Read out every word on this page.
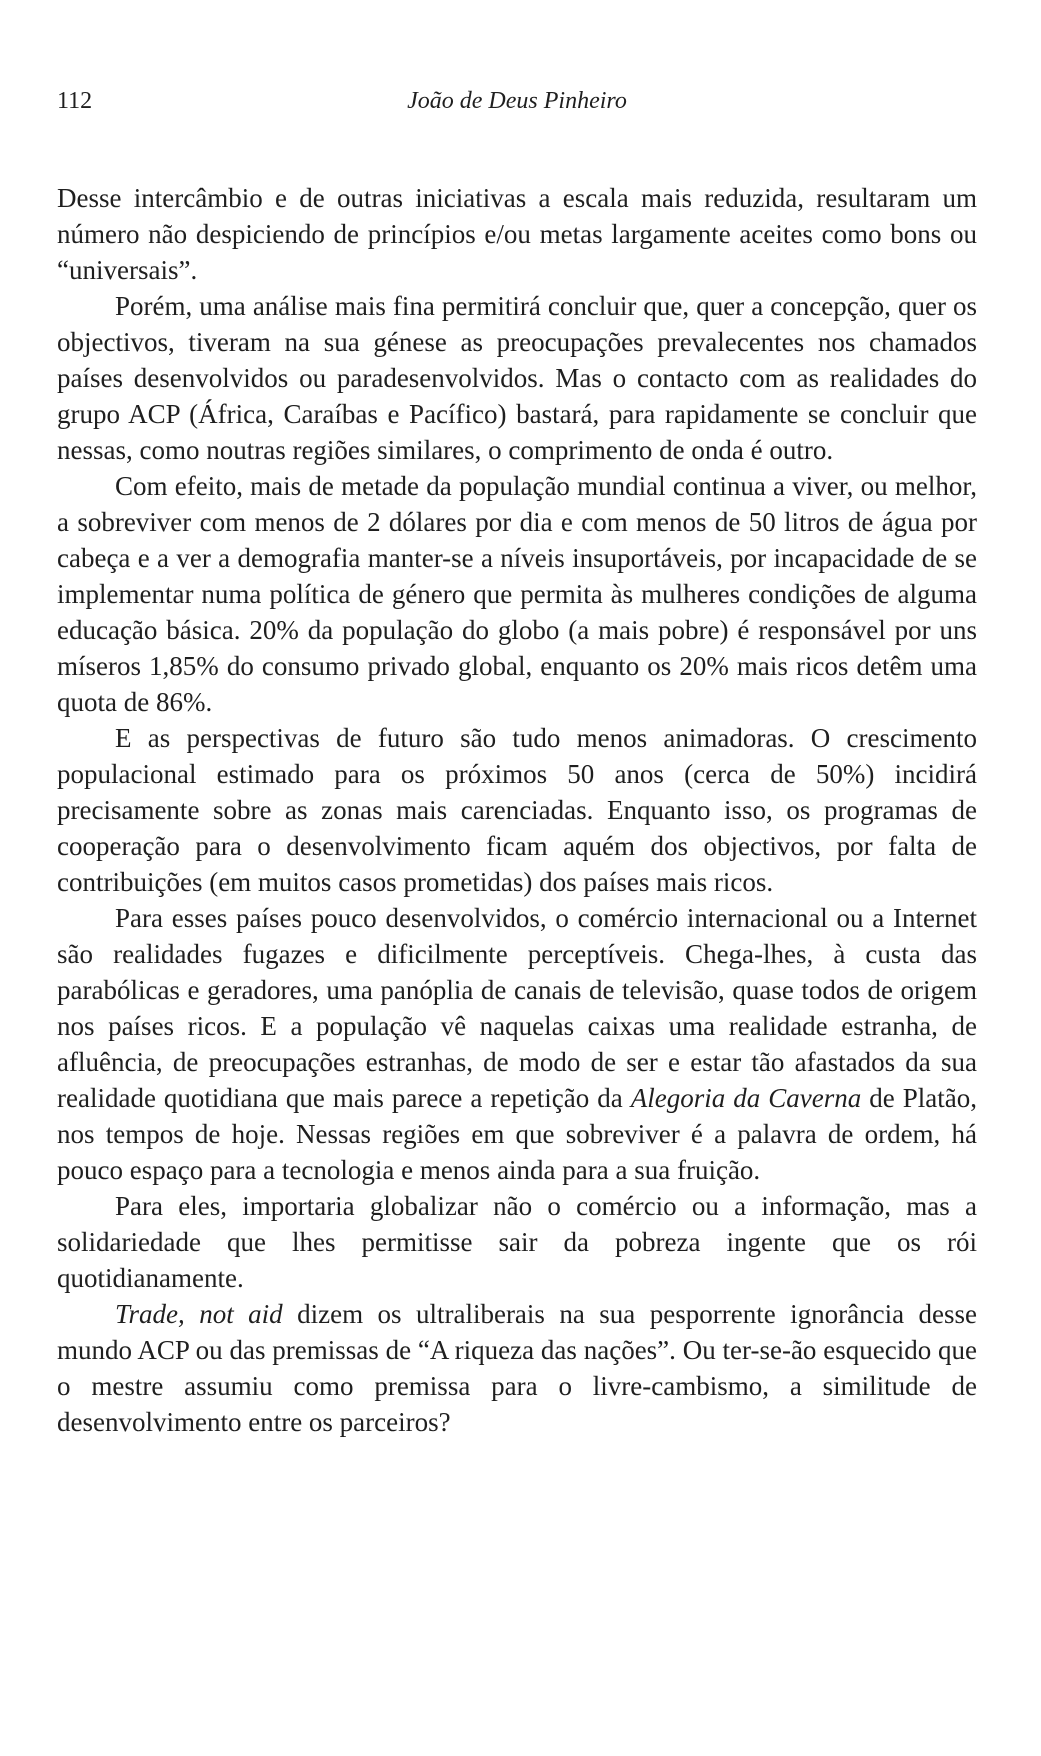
112	João de Deus Pinheiro

Desse intercâmbio e de outras iniciativas a escala mais reduzida, resultaram um número não despiciendo de princípios e/ou metas largamente aceites como bons ou “universais”.

Porém, uma análise mais fina permitirá concluir que, quer a concepção, quer os objectivos, tiveram na sua génese as preocupações prevalecentes nos chamados países desenvolvidos ou paradesenvolvidos. Mas o contacto com as realidades do grupo ACP (África, Caraíbas e Pacífico) bastará, para rapidamente se concluir que nessas, como noutras regiões similares, o comprimento de onda é outro.

Com efeito, mais de metade da população mundial continua a viver, ou melhor, a sobreviver com menos de 2 dólares por dia e com menos de 50 litros de água por cabeça e a ver a demografia manter-se a níveis insuportáveis, por incapacidade de se implementar numa política de género que permita às mulheres condições de alguma educação básica. 20% da população do globo (a mais pobre) é responsável por uns míseros 1,85% do consumo privado global, enquanto os 20% mais ricos detêm uma quota de 86%.

E as perspectivas de futuro são tudo menos animadoras. O crescimento populacional estimado para os próximos 50 anos (cerca de 50%) incidirá precisamente sobre as zonas mais carenciadas. Enquanto isso, os programas de cooperação para o desenvolvimento ficam aquém dos objectivos, por falta de contribuições (em muitos casos prometidas) dos países mais ricos.

Para esses países pouco desenvolvidos, o comércio internacional ou a Internet são realidades fugazes e dificilmente perceptíveis. Chega-lhes, à custa das parabólicas e geradores, uma panóplia de canais de televisão, quase todos de origem nos países ricos. E a população vê naquelas caixas uma realidade estranha, de afluência, de preocupações estranhas, de modo de ser e estar tão afastados da sua realidade quotidiana que mais parece a repetição da Alegoria da Caverna de Platão, nos tempos de hoje. Nessas regiões em que sobreviver é a palavra de ordem, há pouco espaço para a tecnologia e menos ainda para a sua fruição.

Para eles, importaria globalizar não o comércio ou a informação, mas a solidariedade que lhes permitisse sair da pobreza ingente que os rói quotidianamente.

Trade, not aid dizem os ultraliberais na sua pesporrente ignorância desse mundo ACP ou das premissas de “A riqueza das nações”. Ou ter-se-ão esquecido que o mestre assumiu como premissa para o livre-cambismo, a similitude de desenvolvimento entre os parceiros?
